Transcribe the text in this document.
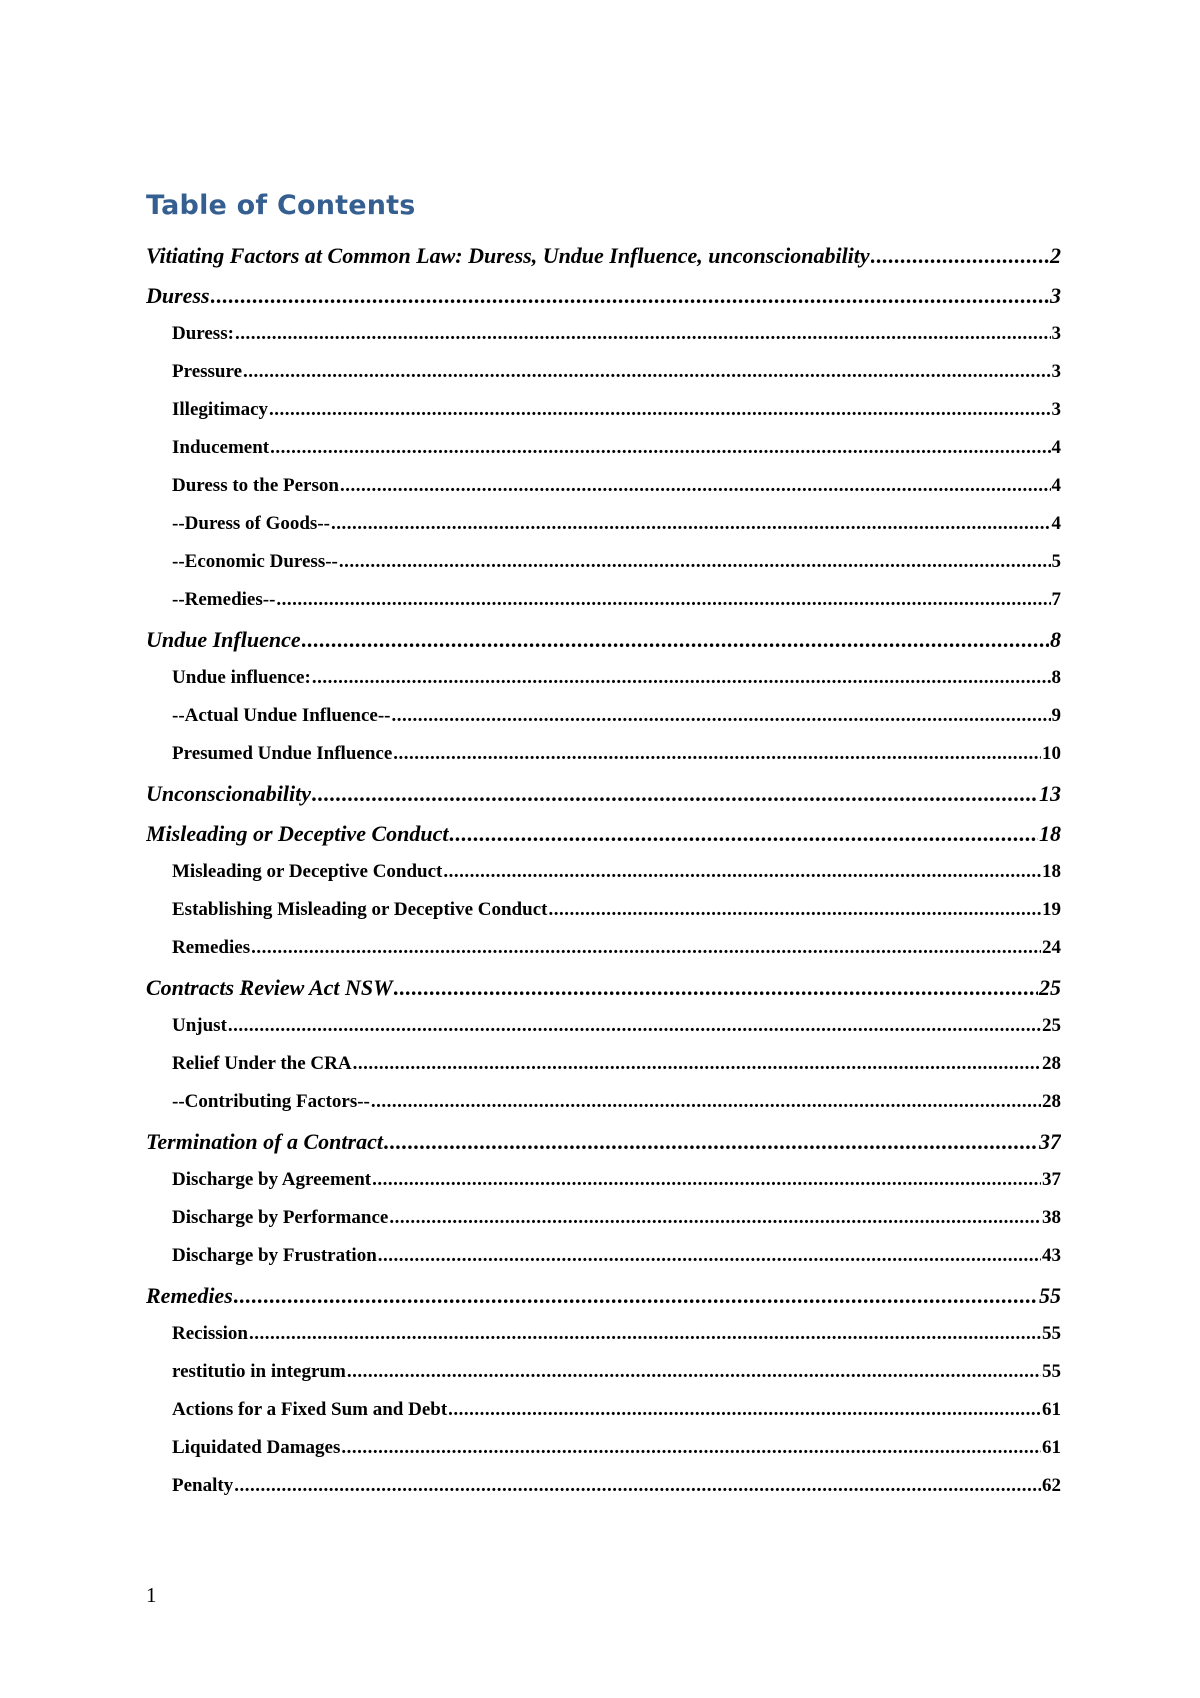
Table of Contents
Vitiating Factors at Common Law: Duress, Undue Influence, unconscionability .....	2
Duress .....	3
Duress: .....	3
Pressure .....	3
Illegitimacy .....	3
Inducement .....	4
Duress to the Person .....	4
--Duress of Goods-- .....	4
--Economic Duress-- .....	5
--Remedies-- .....	7
Undue Influence .....	8
Undue influence: .....	8
--Actual Undue Influence-- .....	9
Presumed Undue Influence .....	10
Unconscionability .....	13
Misleading or Deceptive Conduct .....	18
Misleading or Deceptive Conduct .....	18
Establishing Misleading or Deceptive Conduct .....	19
Remedies .....	24
Contracts Review Act NSW .....	25
Unjust .....	25
Relief Under the CRA .....	28
--Contributing Factors-- .....	28
Termination of a Contract .....	37
Discharge by Agreement .....	37
Discharge by Performance .....	38
Discharge by Frustration .....	43
Remedies .....	55
Recission .....	55
restitutio in integrum .....	55
Actions for a Fixed Sum and Debt .....	61
Liquidated Damages .....	61
Penalty .....	62
1
